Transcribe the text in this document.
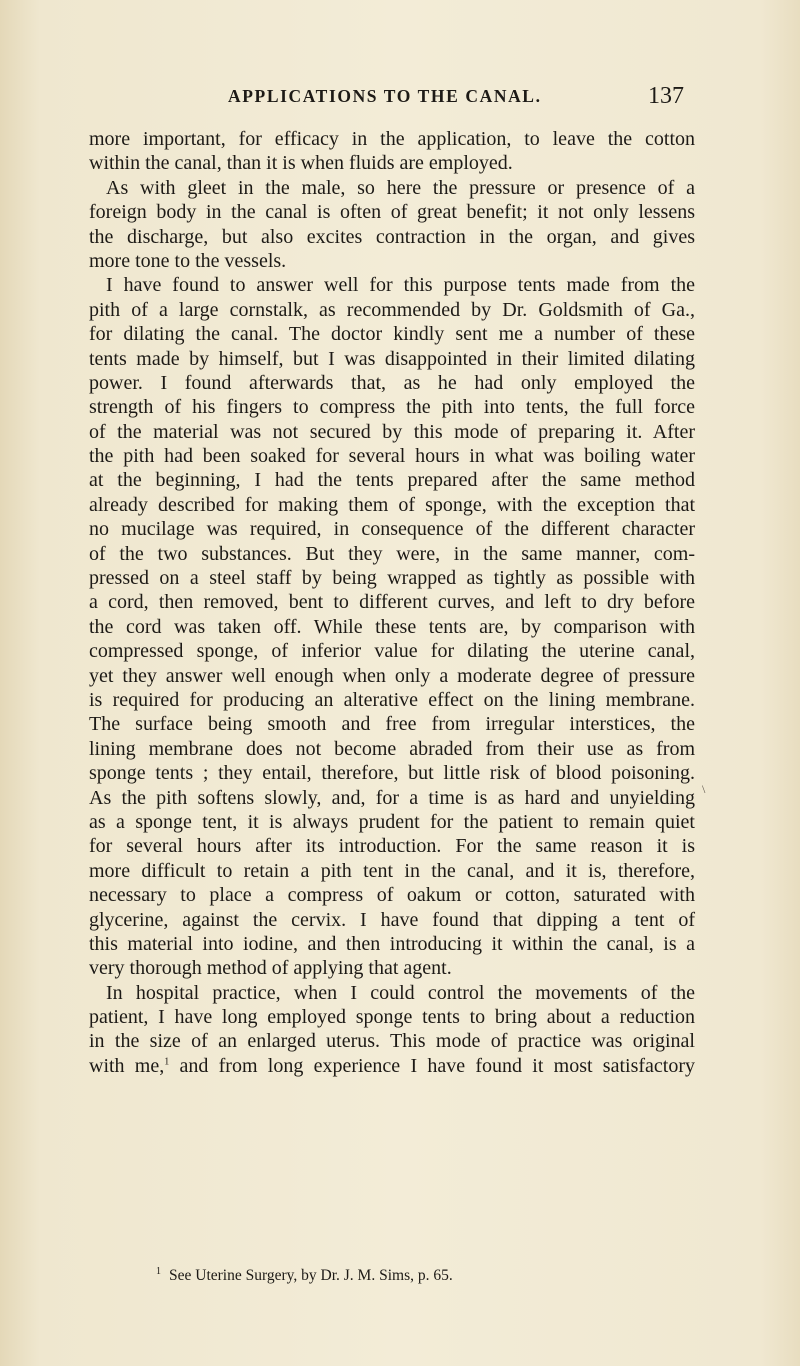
APPLICATIONS TO THE CANAL.	137
more important, for efficacy in the application, to leave the cotton
within the canal, than it is when fluids are employed.
As with gleet in the male, so here the pressure or presence of a
foreign body in the canal is often of great benefit; it not only lessens
the discharge, but also excites contraction in the organ, and gives
more tone to the vessels.
I have found to answer well for this purpose tents made from the
pith of a large cornstalk, as recommended by Dr. Goldsmith of Ga.,
for dilating the canal. The doctor kindly sent me a number of these
tents made by himself, but I was disappointed in their limited dilating
power. I found afterwards that, as he had only employed the
strength of his fingers to compress the pith into tents, the full force
of the material was not secured by this mode of preparing it. After
the pith had been soaked for several hours in what was boiling water
at the beginning, I had the tents prepared after the same method
already described for making them of sponge, with the exception that
no mucilage was required, in consequence of the different character
of the two substances. But they were, in the same manner, com-
pressed on a steel staff by being wrapped as tightly as possible with
a cord, then removed, bent to different curves, and left to dry before
the cord was taken off. While these tents are, by comparison with
compressed sponge, of inferior value for dilating the uterine canal,
yet they answer well enough when only a moderate degree of pressure
is required for producing an alterative effect on the lining membrane.
The surface being smooth and free from irregular interstices, the
lining membrane does not become abraded from their use as from
sponge tents ; they entail, therefore, but little risk of blood poisoning.
As the pith softens slowly, and, for a time is as hard and unyielding
as a sponge tent, it is always prudent for the patient to remain quiet
for several hours after its introduction. For the same reason it is
more difficult to retain a pith tent in the canal, and it is, therefore,
necessary to place a compress of oakum or cotton, saturated with
glycerine, against the cervix. I have found that dipping a tent of
this material into iodine, and then introducing it within the canal, is a
very thorough method of applying that agent.
In hospital practice, when I could control the movements of the
patient, I have long employed sponge tents to bring about a reduction
in the size of an enlarged uterus. This mode of practice was original
with me,$^1$ and from long experience I have found it most satisfactory
\
$^1$ See Uterine Surgery, by Dr. J. M. Sims, p. 65.
